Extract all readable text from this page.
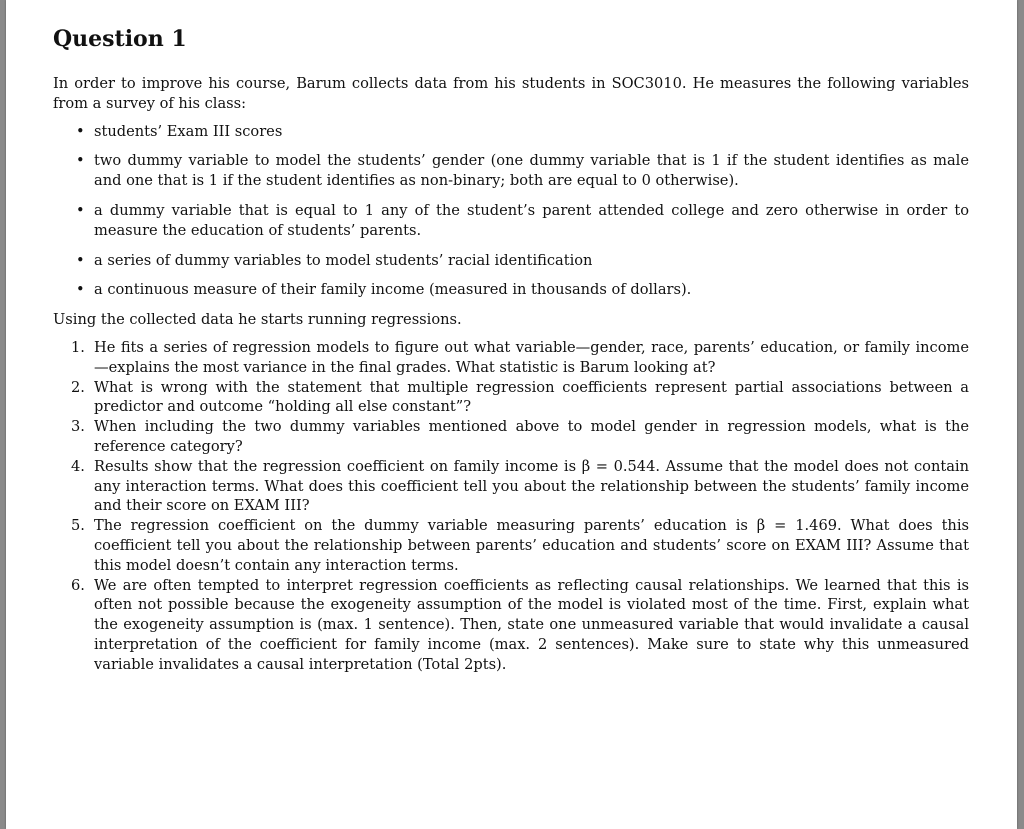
Question 1

In order to improve his course, Barum collects data from his students in SOC3010. He measures the following variables from a survey of his class:

• students’ Exam III scores
• two dummy variable to model the students’ gender (one dummy variable that is 1 if the student identifies as male and one that is 1 if the student identifies as non-binary; both are equal to 0 otherwise).
• a dummy variable that is equal to 1 any of the student’s parent attended college and zero otherwise in order to measure the education of students’ parents.
• a series of dummy variables to model students’ racial identification
• a continuous measure of their family income (measured in thousands of dollars).

Using the collected data he starts running regressions.

1. He fits a series of regression models to figure out what variable—gender, race, parents’ education, or family income—explains the most variance in the final grades. What statistic is Barum looking at?
2. What is wrong with the statement that multiple regression coefficients represent partial associations between a predictor and outcome “holding all else constant”?
3. When including the two dummy variables mentioned above to model gender in regression models, what is the reference category?
4. Results show that the regression coefficient on family income is β = 0.544. Assume that the model does not contain any interaction terms. What does this coefficient tell you about the relationship between the students’ family income and their score on EXAM III?
5. The regression coefficient on the dummy variable measuring parents’ education is β = 1.469. What does this coefficient tell you about the relationship between parents’ education and students’ score on EXAM III? Assume that this model doesn’t contain any interaction terms.
6. We are often tempted to interpret regression coefficients as reflecting causal relationships. We learned that this is often not possible because the exogeneity assumption of the model is violated most of the time. First, explain what the exogeneity assumption is (max. 1 sentence). Then, state one unmeasured variable that would invalidate a causal interpretation of the coefficient for family income (max. 2 sentences). Make sure to state why this unmeasured variable invalidates a causal interpretation (Total 2pts).
